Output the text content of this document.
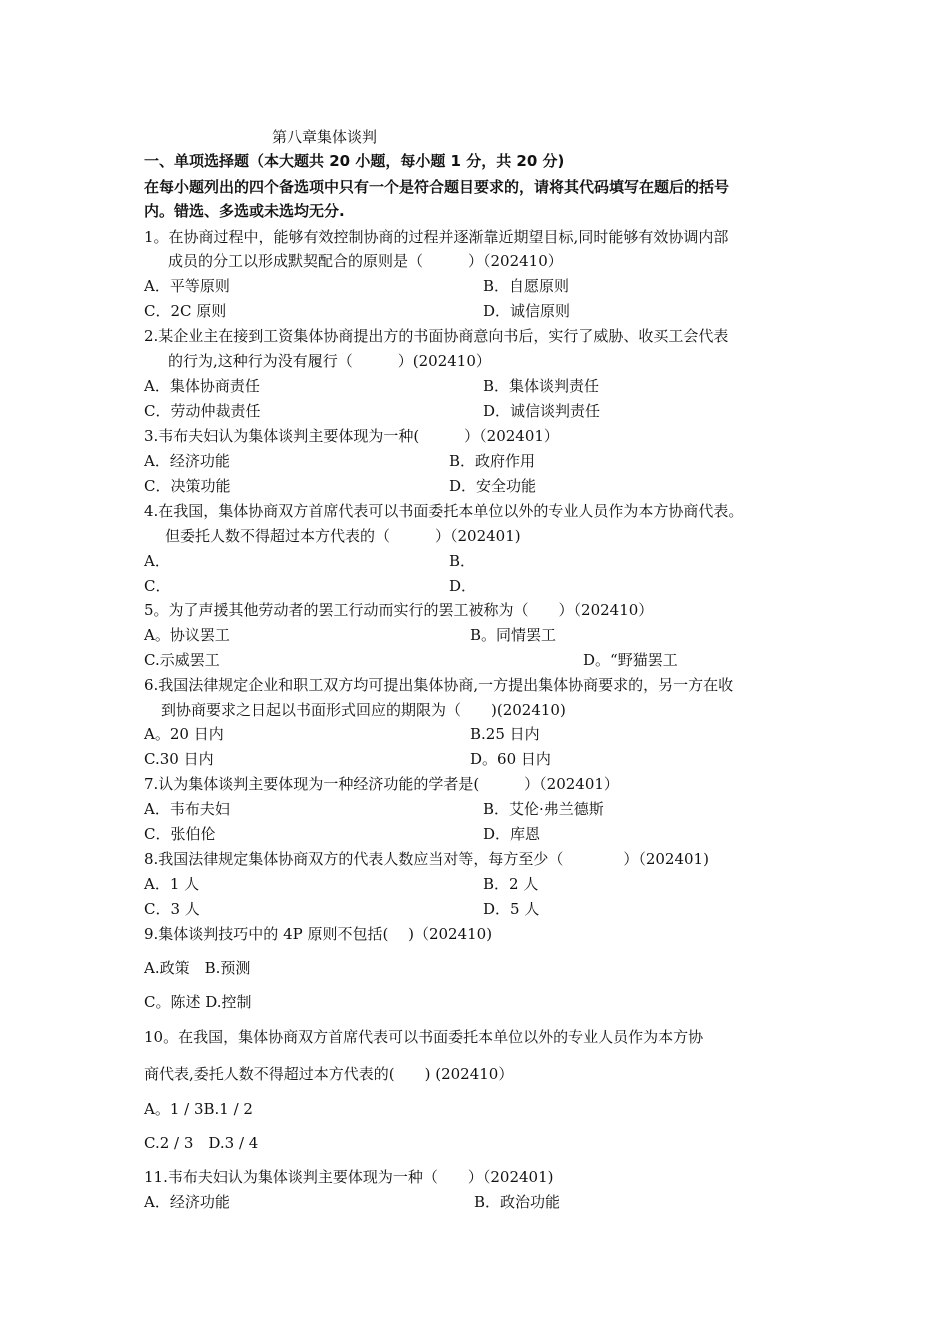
第八章集体谈判
一、单项选择题（本大题共 20 小题，每小题 1 分，共 20 分)
在每小题列出的四个备选项中只有一个是符合题目要求的，请将其代码填写在题后的括号
内。错选、多选或未选均无分.
1。在协商过程中，能够有效控制协商的过程并逐渐靠近期望目标,同时能够有效协调内部
成员的分工以形成默契配合的原则是（　　　）（202410）
A．平等原则	B．自愿原则
C．2C 原则	D．诚信原则
2.某企业主在接到工资集体协商提出方的书面协商意向书后，实行了威胁、收买工会代表
的行为,这种行为没有履行（　　　）(202410）
A．集体协商责任	B．集体谈判责任
C．劳动仲裁责任	D．诚信谈判责任
3.韦布夫妇认为集体谈判主要体现为一种(　　　）（202401）
A．经济功能	B．政府作用
C．决策功能	D．安全功能
4.在我国，集体协商双方首席代表可以书面委托本单位以外的专业人员作为本方协商代表。
但委托人数不得超过本方代表的（　　　）（202401)
A．	B．
C．	D．
5。为了声援其他劳动者的罢工行动而实行的罢工被称为（　　）（202410）
A。协议罢工	B。同情罢工
C.示威罢工	D。“野猫罢工
6.我国法律规定企业和职工双方均可提出集体协商,一方提出集体协商要求的，另一方在收
到协商要求之日起以书面形式回应的期限为（　　)(202410)
A。20 日内	B.25 日内
C.30 日内	D。60 日内
7.认为集体谈判主要体现为一种经济功能的学者是(　　　）（202401）
A．韦布夫妇	B．艾伦·弗兰德斯
C．张伯伦	D．库恩
8.我国法律规定集体协商双方的代表人数应当对等，每方至少（　　　　）（202401)
A．1 人	B．2 人
C．3 人	D．5 人
9.集体谈判技巧中的 4P 原则不包括(　 )（202410)
A.政策　B.预测
C。陈述 D.控制
10。在我国，集体协商双方首席代表可以书面委托本单位以外的专业人员作为本方协
商代表,委托人数不得超过本方代表的(　　) (202410）
A。1 / 3B.1 / 2
C.2 / 3　D.3 / 4
11.韦布夫妇认为集体谈判主要体现为一种（　　）（202401)
A．经济功能	B．政治功能
